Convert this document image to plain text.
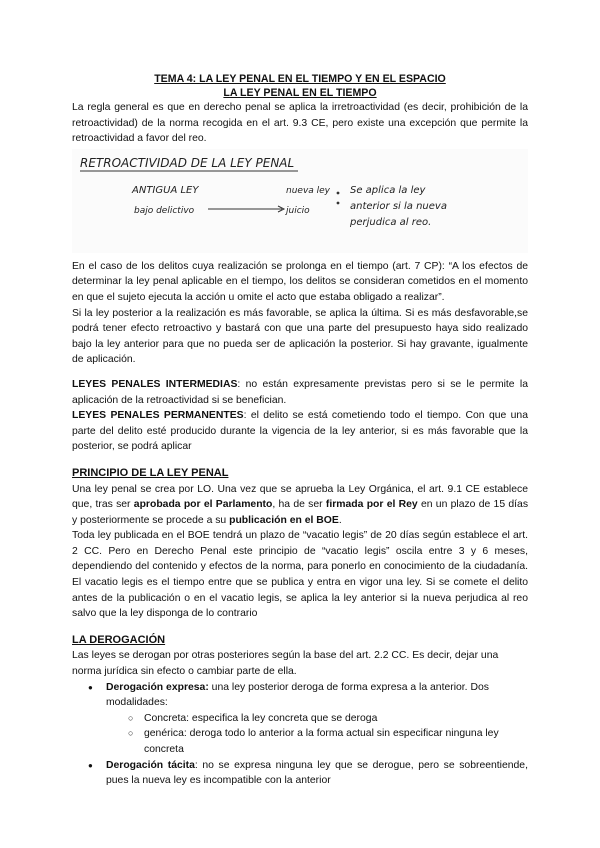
TEMA 4: LA LEY PENAL EN EL TIEMPO Y EN EL ESPACIO
LA LEY PENAL EN EL TIEMPO

La regla general es que en derecho penal se aplica la irretroactividad (es decir, prohibición de la retroactividad) de la norma recogida en el art. 9.3 CE, pero existe una excepción que permite la retroactividad a favor del reo.

RETROACTIVIDAD DE LA LEY PENAL
ANTIGUA LEY
bajo delictivo
nueva ley
juicio
Se aplica la ley
anterior si la nueva
perjudica al reo.

En el caso de los delitos cuya realización se prolonga en el tiempo (art. 7 CP): “A los efectos de determinar la ley penal aplicable en el tiempo, los delitos se consideran cometidos en el momento en que el sujeto ejecuta la acción u omite el acto que estaba obligado a realizar”.

Si la ley posterior a la realización es más favorable, se aplica la última. Si es más desfavorable,se podrá tener efecto retroactivo y bastará con que una parte del presupuesto haya sido realizado bajo la ley anterior para que no pueda ser de aplicación la posterior. Si hay gravante, igualmente de aplicación.

LEYES PENALES INTERMEDIAS: no están expresamente previstas pero si se le permite la aplicación de la retroactividad si se benefician.

LEYES PENALES PERMANENTES: el delito se está cometiendo todo el tiempo. Con que una parte del delito esté producido durante la vigencia de la ley anterior, si es más favorable que la posterior, se podrá aplicar

PRINCIPIO DE LA LEY PENAL

Una ley penal se crea por LO. Una vez que se aprueba la Ley Orgánica, el art. 9.1 CE establece que, tras ser aprobada por el Parlamento, ha de ser firmada por el Rey en un plazo de 15 días y posteriormente se procede a su publicación en el BOE.

Toda ley publicada en el BOE tendrá un plazo de “vacatio legis” de 20 días según establece el art. 2 CC. Pero en Derecho Penal este principio de “vacatio legis” oscila entre 3 y 6 meses, dependiendo del contenido y efectos de la norma, para ponerlo en conocimiento de la ciudadanía. El vacatio legis es el tiempo entre que se publica y entra en vigor una ley. Si se comete el delito antes de la publicación o en el vacatio legis, se aplica la ley anterior si la nueva perjudica al reo salvo que la ley disponga de lo contrario

LA DEROGACIÓN

Las leyes se derogan por otras posteriores según la base del art. 2.2 CC. Es decir, dejar una norma jurídica sin efecto o cambiar parte de ella.

● Derogación expresa: una ley posterior deroga de forma expresa a la anterior. Dos modalidades:
○ Concreta: especifica la ley concreta que se deroga
○ genérica: deroga todo lo anterior a la forma actual sin especificar ninguna ley concreta
● Derogación tácita: no se expresa ninguna ley que se derogue, pero se sobreentiende, pues la nueva ley es incompatible con la anterior
